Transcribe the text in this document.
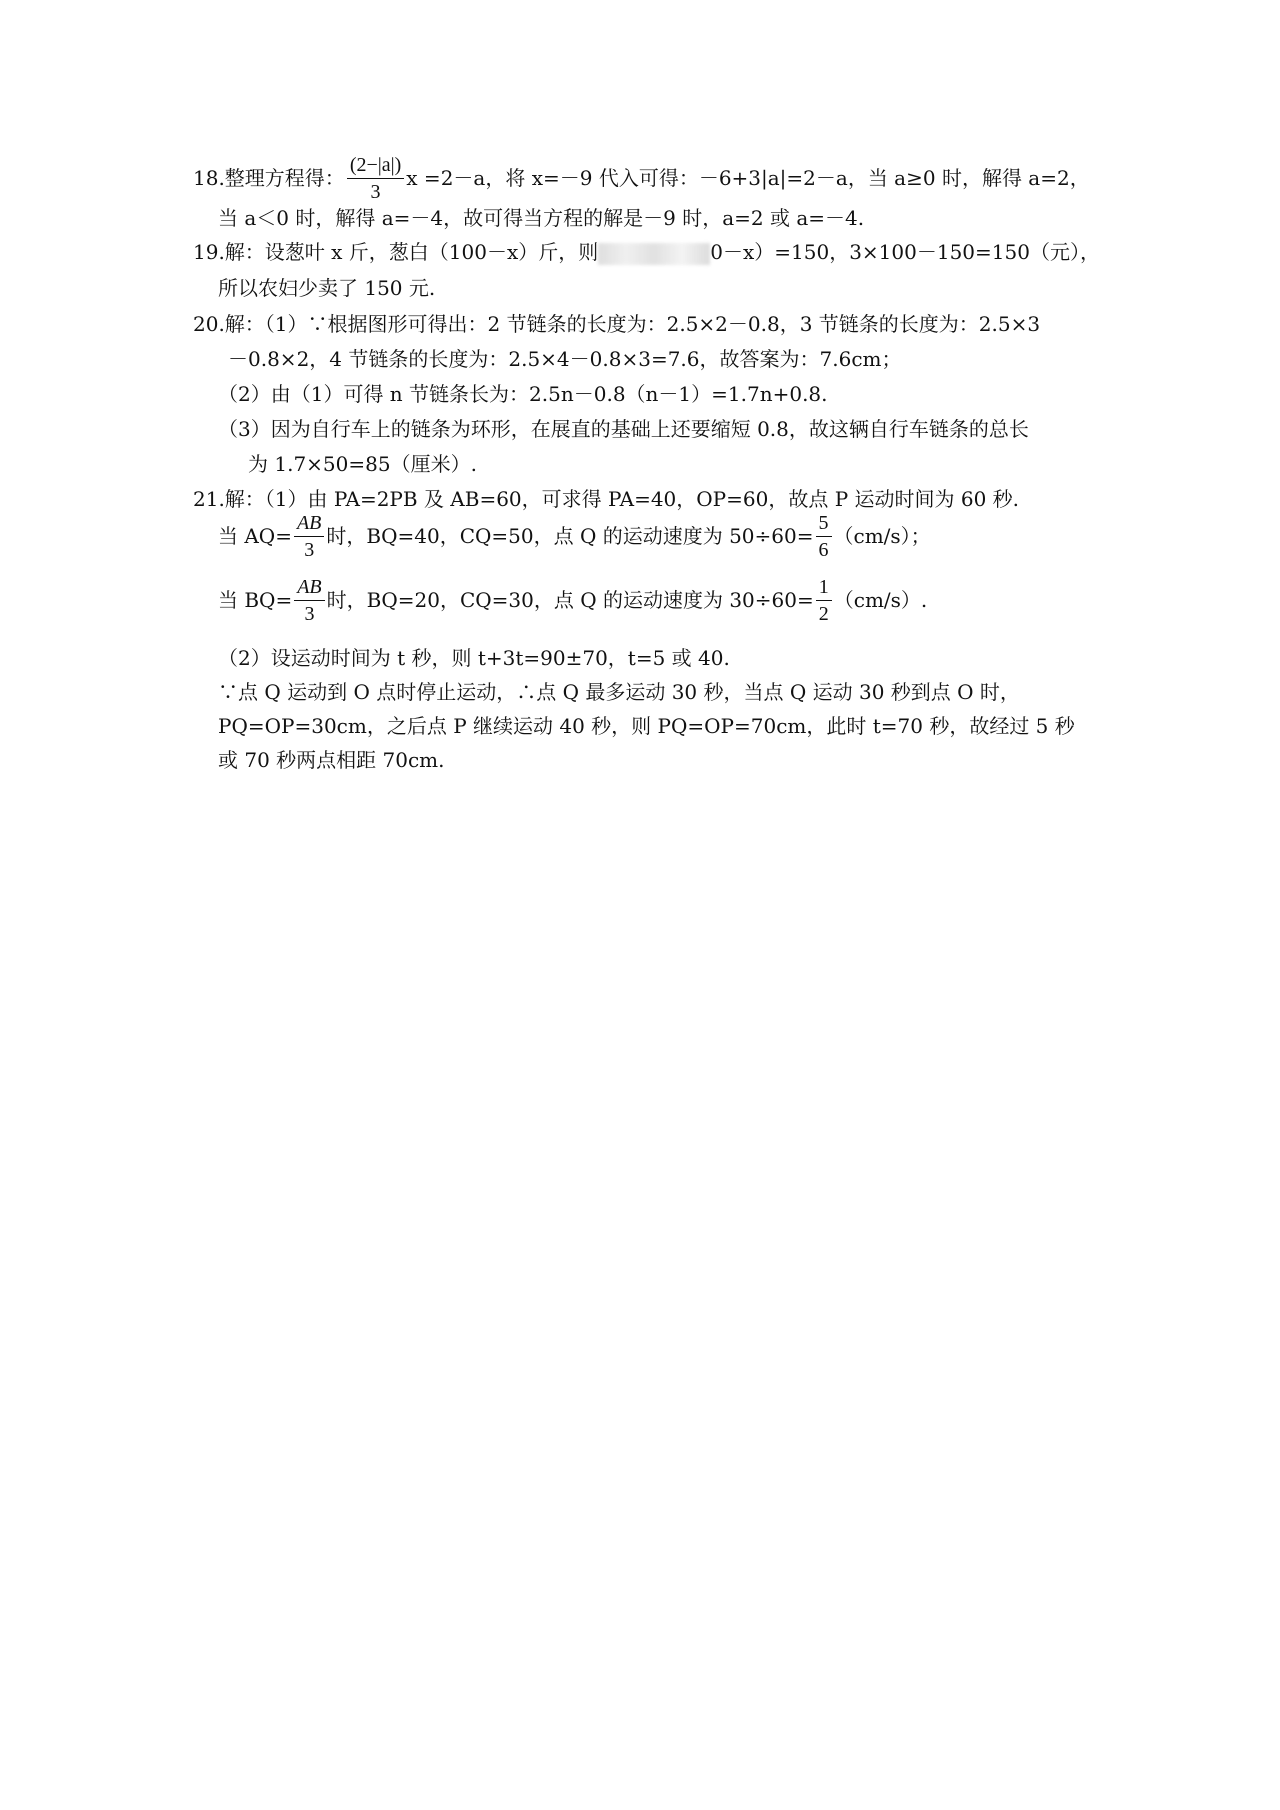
18.整理方程得： $\frac{(2-|a|)}{3}$ x =2－a，将 x=－9 代入可得：－6+3|a|=2－a，当 a≥0 时，解得 a=2，
当 a＜0 时，解得 a=－4，故可得当方程的解是－9 时，a=2 或 a=－4.
19.解：设葱叶 x 斤，葱白（100－x）斤，则	0－x）=150，3×100－150=150（元），
所以农妇少卖了 150 元.
20.解：（1）∵根据图形可得出：2 节链条的长度为：2.5×2－0.8，3 节链条的长度为：2.5×3
－0.8×2，4 节链条的长度为：2.5×4－0.8×3=7.6，故答案为：7.6cm；
（2）由（1）可得 n 节链条长为：2.5n－0.8（n－1）=1.7n+0.8.
（3）因为自行车上的链条为环形，在展直的基础上还要缩短 0.8，故这辆自行车链条的总长
为 1.7×50=85（厘米）.
21.解：（1）由 PA=2PB 及 AB=60，可求得 PA=40，OP=60，故点 P 运动时间为 60 秒.
当 $AQ= \frac{AB}{3}$ 时，BQ=40，CQ=50，点 Q 的运动速度为 $50\div 60= \frac{5}{6} (cm/s)$；
当 $BQ= \frac{AB}{3}$ 时，BQ=20，CQ=30，点 Q 的运动速度为 $30\div 60= \frac{1}{2} (cm/s)$.
（2）设运动时间为 t 秒，则 t+3t=90±70，t=5 或 40.
∵点 Q 运动到 O 点时停止运动，∴点 Q 最多运动 30 秒，当点 Q 运动 30 秒到点 O 时，
PQ=OP=30cm，之后点 P 继续运动 40 秒，则 PQ=OP=70cm，此时 t=70 秒，故经过 5 秒
或 70 秒两点相距 70cm.
